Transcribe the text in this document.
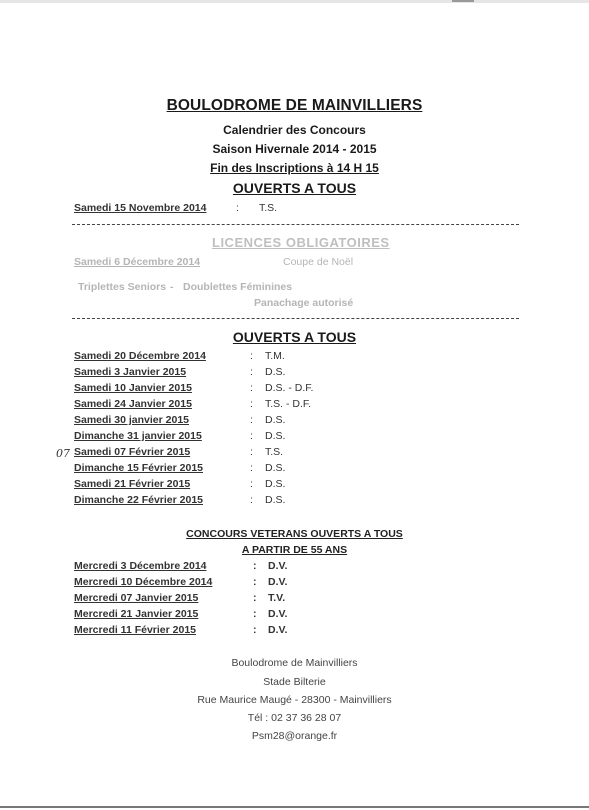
BOULODROME DE MAINVILLIERS
Calendrier des Concours
Saison Hivernale 2014 - 2015
Fin des Inscriptions à 14 H 15
OUVERTS A TOUS
Samedi 15 Novembre 2014	: T.S.
LICENCES OBLIGATOIRES
Samedi 6 Décembre 2014	Coupe de Noël
Triplettes Seniors - Doublettes Féminines
Panachage autorisé
OUVERTS A TOUS
Samedi 20 Décembre 2014	: T.M.
Samedi 3 Janvier 2015	: D.S.
Samedi 10 Janvier 2015	: D.S. - D.F.
Samedi 24 Janvier 2015	: T.S. - D.F.
Samedi 30 janvier 2015	: D.S.
Dimanche 31 janvier 2015	: D.S.
07 Samedi 07 Février 2015	: T.S.
Dimanche 15 Février 2015	: D.S.
Samedi 21 Février 2015	: D.S.
Dimanche 22 Février 2015	: D.S.
CONCOURS VETERANS OUVERTS A TOUS
A PARTIR DE 55 ANS
Mercredi 3 Décembre 2014	: D.V.
Mercredi 10 Décembre 2014	: D.V.
Mercredi 07 Janvier 2015	: T.V.
Mercredi 21 Janvier 2015	: D.V.
Mercredi 11 Février 2015	: D.V.
Boulodrome de Mainvilliers
Stade Bilterie
Rue Maurice Maugé - 28300 - Mainvilliers
Tél : 02 37 36 28 07
Psm28@orange.fr
